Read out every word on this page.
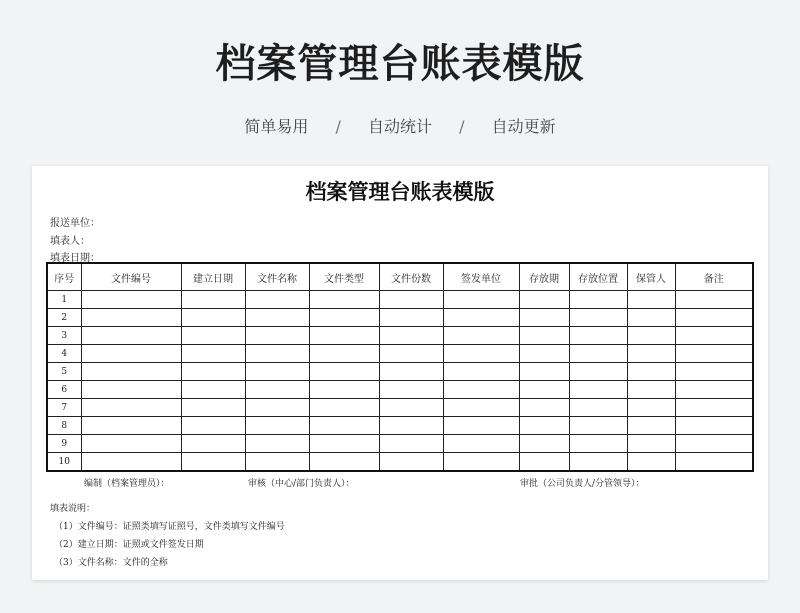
档案管理台账表模版
简单易用 / 自动统计 / 自动更新
档案管理台账表模版
报送单位：
填表人：
填表日期：
序号	文件编号	建立日期	文件名称	文件类型	文件份数	签发单位	存放期	存放位置	保管人	备注
1										
2										
3										
4										
5										
6										
7										
8										
9										
10										
编制（档案管理员）：	审核（中心/部门负责人）：	审批（公司负责人/分管领导）：
填表说明：
（1）文件编号：证照类填写证照号，文件类填写文件编号
（2）建立日期：证照或文件签发日期
（3）文件名称：文件的全称
